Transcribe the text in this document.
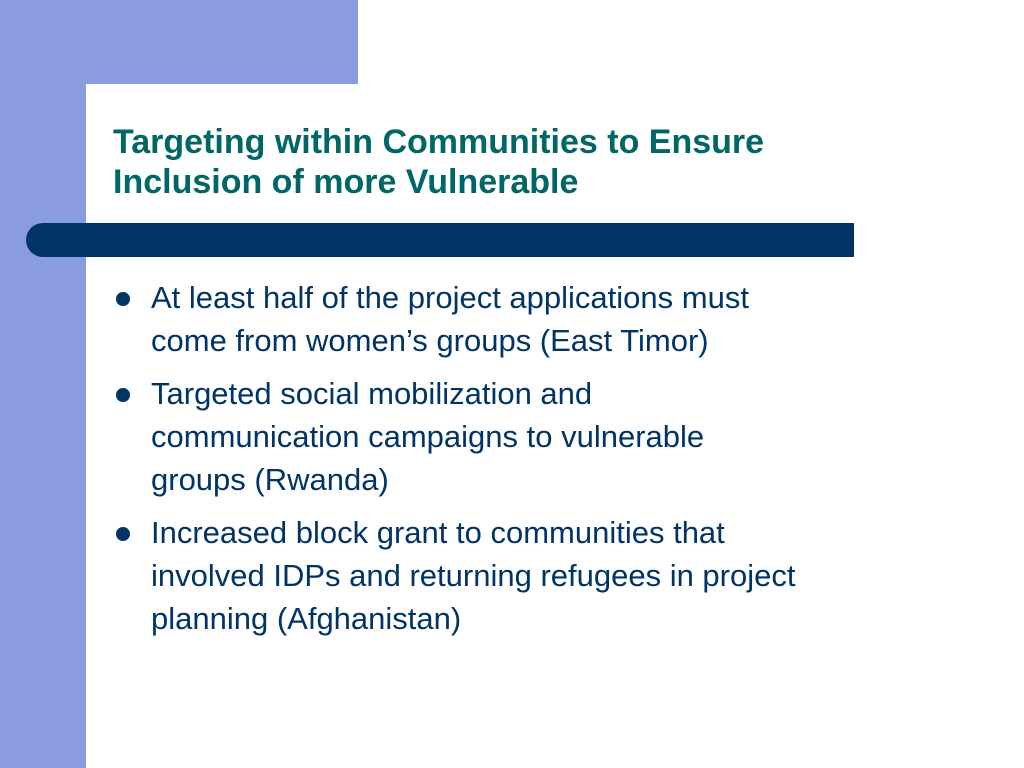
Targeting within Communities to Ensure
Inclusion of more Vulnerable
At least half of the project applications must
come from women’s groups (East Timor)
Targeted social mobilization and
communication campaigns to vulnerable
groups (Rwanda)
Increased block grant to communities that
involved IDPs and returning refugees in project
planning (Afghanistan)
